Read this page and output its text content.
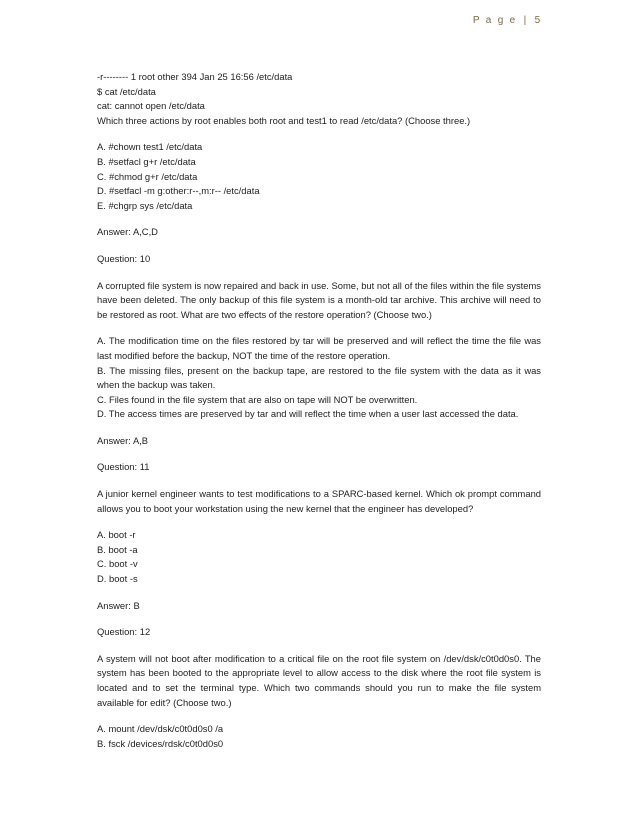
P a g e | 5
-r-------- 1 root other 394 Jan 25 16:56 /etc/data
$ cat /etc/data
cat: cannot open /etc/data
Which three actions by root enables both root and test1 to read /etc/data? (Choose three.)
A. #chown test1 /etc/data
B. #setfacl g+r /etc/data
C. #chmod g+r /etc/data
D. #setfacl -m g:other:r--,m:r-- /etc/data
E. #chgrp sys /etc/data
Answer: A,C,D
Question: 10

A corrupted file system is now repaired and back in use. Some, but not all of the files within the file systems have been deleted. The only backup of this file system is a month-old tar archive. This archive will need to be restored as root. What are two effects of the restore operation? (Choose two.)

A. The modification time on the files restored by tar will be preserved and will reflect the time the file was last modified before the backup, NOT the time of the restore operation.

B. The missing files, present on the backup tape, are restored to the file system with the data as it was when the backup was taken.

C. Files found in the file system that are also on tape will NOT be overwritten.

D. The access times are preserved by tar and will reflect the time when a user last accessed the data.

Answer: A,B
Question: 11

A junior kernel engineer wants to test modifications to a SPARC-based kernel. Which ok prompt command allows you to boot your workstation using the new kernel that the engineer has developed?

A. boot -r
B. boot -a
C. boot -v
D. boot -s
Answer: B
Question: 12

A system will not boot after modification to a critical file on the root file system on /dev/dsk/c0t0d0s0. The system has been booted to the appropriate level to allow access to the disk where the root file system is located and to set the terminal type. Which two commands should you run to make the file system available for edit? (Choose two.)

A. mount /dev/dsk/c0t0d0s0 /a
B. fsck /devices/rdsk/c0t0d0s0
